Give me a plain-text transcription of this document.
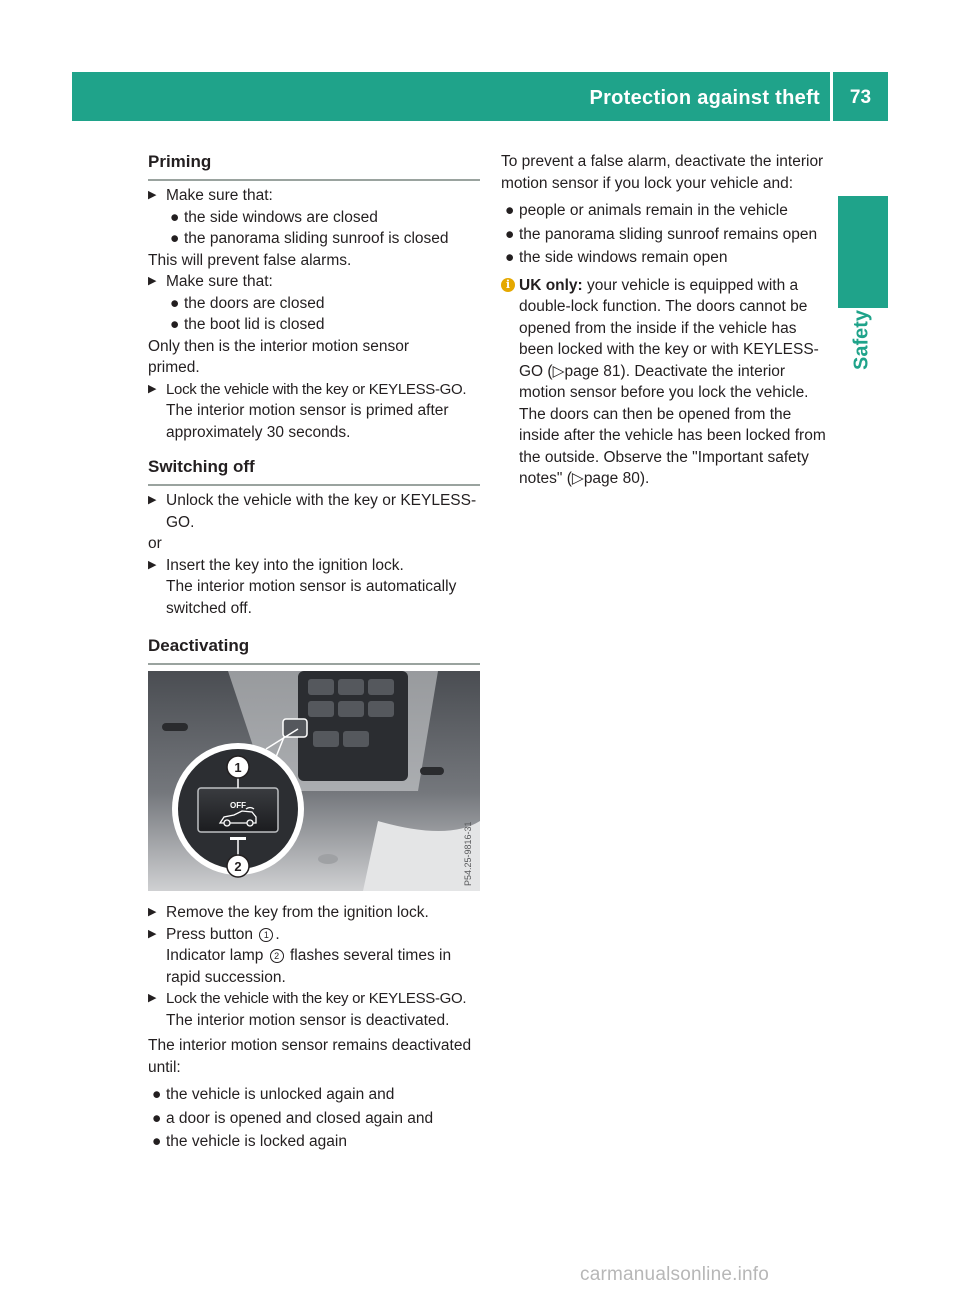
Protection against theft	73
Safety
Priming

▶ Make sure that:

● the side windows are closed

● the panorama sliding sunroof is closed

This will prevent false alarms.

▶ Make sure that:

● the doors are closed

● the boot lid is closed

Only then is the interior motion sensor primed.

▶ Lock the vehicle with the key or KEYLESS-GO.

The interior motion sensor is primed after approximately 30 seconds.

Switching off

▶ Unlock the vehicle with the key or KEYLESS-GO.

or

▶ Insert the key into the ignition lock.

The interior motion sensor is automatically switched off.

Deactivating
OFF
1
2	P54.25-9816-31

▶ Remove the key from the ignition lock.

▶ Press button 1 .

Indicator lamp 2 flashes several times in rapid succession.

▶ Lock the vehicle with the key or KEYLESS-GO.

The interior motion sensor is deactivated.

The interior motion sensor remains deactivated until:

● the vehicle is unlocked again and

● a door is opened and closed again and

● the vehicle is locked again

To prevent a false alarm, deactivate the interior motion sensor if you lock your vehicle and:

● people or animals remain in the vehicle

● the panorama sliding sunroof remains open

● the side windows remain open

i UK only: your vehicle is equipped with a double-lock function. The doors cannot be opened from the inside if the vehicle has been locked with the key or with KEYLESS-GO (▷page 81). Deactivate the interior motion sensor before you lock the vehicle. The doors can then be opened from the inside after the vehicle has been locked from the outside. Observe the "Important safety notes" (▷page 80).
carmanualsonline.info
